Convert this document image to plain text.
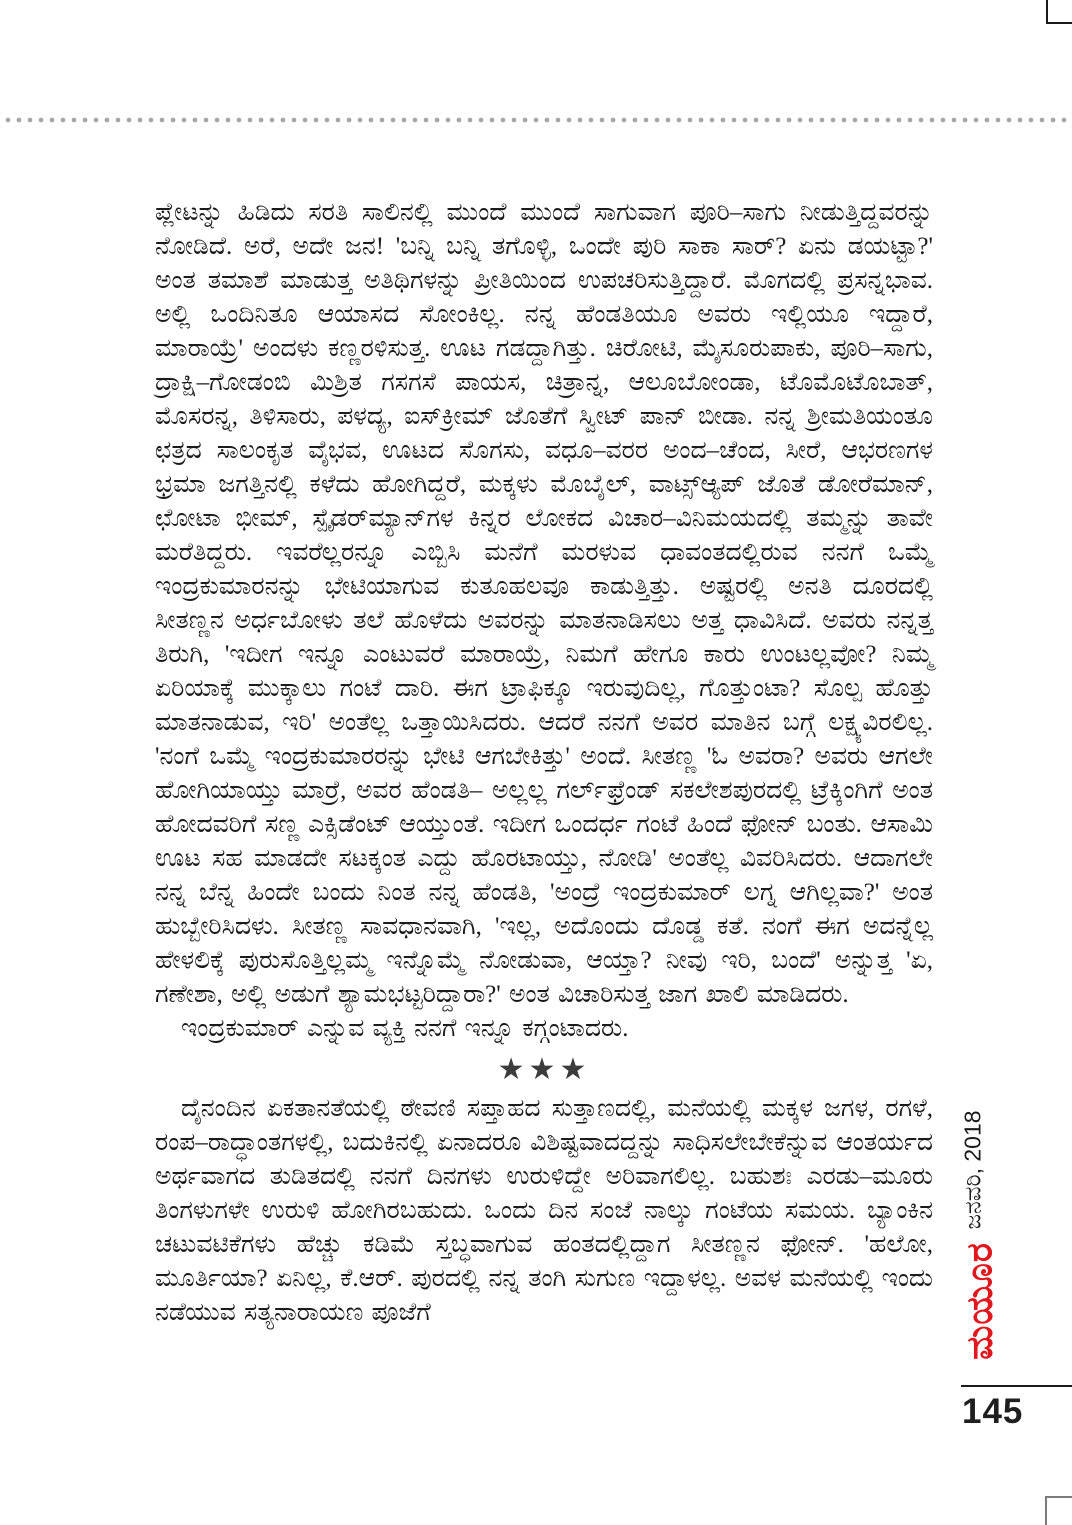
ಪ್ಲೇಟನ್ನು ಹಿಡಿದು ಸರತಿ ಸಾಲಿನಲ್ಲಿ ಮುಂದೆ ಮುಂದೆ ಸಾಗುವಾಗ ಪೂರಿ–ಸಾಗು ನೀಡುತ್ತಿದ್ದವರನ್ನು ನೋಡಿದೆ. ಅರೆ, ಅದೇ ಜನ! 'ಬನ್ನಿ ಬನ್ನಿ ತಗೊಳ್ಳಿ, ಒಂದೇ ಪುರಿ ಸಾಕಾ ಸಾರ್? ಏನು ಡಯಟ್ಟಾ?' ಅಂತ ತಮಾಶೆ ಮಾಡುತ್ತ ಅತಿಥಿಗಳನ್ನು ಪ್ರೀತಿಯಿಂದ ಉಪಚರಿಸುತ್ತಿದ್ದಾರೆ. ಮೊಗದಲ್ಲಿ ಪ್ರಸನ್ನಭಾವ. ಅಲ್ಲಿ ಒಂದಿನಿತೂ ಆಯಾಸದ ಸೋಂಕಿಲ್ಲ. ನನ್ನ ಹೆಂಡತಿಯೂ ಅವರು ಇಲ್ಲಿಯೂ ಇದ್ದಾರೆ, ಮಾರಾಯ್ರೆ' ಅಂದಳು ಕಣ್ಣರಳಿಸುತ್ತ. ಊಟ ಗಡದ್ದಾಗಿತ್ತು. ಚಿರೋಟಿ, ಮೈಸೂರುಪಾಕು, ಪೂರಿ–ಸಾಗು, ದ್ರಾಕ್ಷಿ–ಗೋಡಂಬಿ ಮಿಶ್ರಿತ ಗಸಗಸೆ ಪಾಯಸ, ಚಿತ್ರಾನ್ನ, ಆಲೂಬೋಂಡಾ, ಟೊಮೊಟೊಬಾತ್, ಮೊಸರನ್ನ, ತಿಳಿಸಾರು, ಪಳದ್ಯ, ಐಸ್‌ಕ್ರೀಮ್ ಜೊತೆಗೆ ಸ್ವೀಟ್ ಪಾನ್ ಬೀಡಾ. ನನ್ನ ಶ್ರೀಮತಿಯಂತೂ ಛತ್ರದ ಸಾಲಂಕೃತ ವೈಭವ, ಊಟದ ಸೊಗಸು, ವಧೂ–ವರರ ಅಂದ–ಚೆಂದ, ಸೀರೆ, ಆಭರಣಗಳ ಭ್ರಮಾ ಜಗತ್ತಿನಲ್ಲಿ ಕಳೆದು ಹೋಗಿದ್ದರೆ, ಮಕ್ಕಳು ಮೊಬೈಲ್, ವಾಟ್ಸ್‌ಆ್ಯಪ್ ಜೊತೆ ಡೋರೆಮಾನ್, ಛೋಟಾ ಭೀಮ್, ಸ್ಪೈಡರ್‌ಮ್ಯಾನ್‌ಗಳ ಕಿನ್ನರ ಲೋಕದ ವಿಚಾರ–ವಿನಿಮಯದಲ್ಲಿ ತಮ್ಮನ್ನು ತಾವೇ ಮರೆತಿದ್ದರು. ಇವರೆಲ್ಲರನ್ನೂ ಎಬ್ಬಿಸಿ ಮನೆಗೆ ಮರಳುವ ಧಾವಂತದಲ್ಲಿರುವ ನನಗೆ ಒಮ್ಮೆ ಇಂದ್ರಕುಮಾರನನ್ನು ಭೇಟಿಯಾಗುವ ಕುತೂಹಲವೂ ಕಾಡುತ್ತಿತ್ತು. ಅಷ್ಟರಲ್ಲಿ ಅನತಿ ದೂರದಲ್ಲಿ ಸೀತಣ್ಣನ ಅರ್ಧಬೋಳು ತಲೆ ಹೊಳೆದು ಅವರನ್ನು ಮಾತನಾಡಿಸಲು ಅತ್ತ ಧಾವಿಸಿದೆ. ಅವರು ನನ್ನತ್ತ ತಿರುಗಿ, 'ಇದೀಗ ಇನ್ನೂ ಎಂಟುವರೆ ಮಾರಾಯ್ರೆ, ನಿಮಗೆ ಹೇಗೂ ಕಾರು ಉಂಟಲ್ಲವೋ? ನಿಮ್ಮ ಏರಿಯಾಕ್ಕೆ ಮುಕ್ಕಾಲು ಗಂಟೆ ದಾರಿ. ಈಗ ಟ್ರಾಫಿಕ್ಕೂ ಇರುವುದಿಲ್ಲ, ಗೊತ್ತುಂಟಾ? ಸೊಲ್ಪ ಹೊತ್ತು ಮಾತನಾಡುವ, ಇರಿ' ಅಂತೆಲ್ಲ ಒತ್ತಾಯಿಸಿದರು. ಆದರೆ ನನಗೆ ಅವರ ಮಾತಿನ ಬಗ್ಗೆ ಲಕ್ಷ್ಯವಿರಲಿಲ್ಲ. 'ನಂಗೆ ಒಮ್ಮೆ ಇಂದ್ರಕುಮಾರರನ್ನು ಭೇಟಿ ಆಗಬೇಕಿತ್ತು' ಅಂದೆ. ಸೀತಣ್ಣ 'ಓ ಅವರಾ? ಅವರು ಆಗಲೇ ಹೋಗಿಯಾಯ್ತು ಮಾರ್ರೆ, ಅವರ ಹೆಂಡತಿ– ಅಲ್ಲಲ್ಲ ಗರ್ಲ್‌ಫ್ರೆಂಡ್ ಸಕಲೇಶಪುರದಲ್ಲಿ ಟ್ರೆಕ್ಕಿಂಗಿಗೆ ಅಂತ ಹೋದವರಿಗೆ ಸಣ್ಣ ಎಕ್ಸಿಡೆಂಟ್ ಆಯ್ತುಂತೆ. ಇದೀಗ ಒಂದರ್ಧ ಗಂಟೆ ಹಿಂದೆ ಫೋನ್ ಬಂತು. ಆಸಾಮಿ ಊಟ ಸಹ ಮಾಡದೇ ಸಟಕ್ಕಂತ ಎದ್ದು ಹೊರಟಾಯ್ತು, ನೋಡಿ' ಅಂತೆಲ್ಲ ವಿವರಿಸಿದರು. ಆದಾಗಲೇ ನನ್ನ ಬೆನ್ನ ಹಿಂದೇ ಬಂದು ನಿಂತ ನನ್ನ ಹೆಂಡತಿ, 'ಅಂದ್ರೆ ಇಂದ್ರಕುಮಾರ್ ಲಗ್ನ ಆಗಿಲ್ಲವಾ?' ಅಂತ ಹುಬ್ಬೇರಿಸಿದಳು. ಸೀತಣ್ಣ ಸಾವಧಾನವಾಗಿ, 'ಇಲ್ಲ, ಅದೊಂದು ದೊಡ್ಡ ಕತೆ. ನಂಗೆ ಈಗ ಅದನ್ನೆಲ್ಲ ಹೇಳಲಿಕ್ಕೆ ಪುರುಸೊತ್ತಿಲ್ಲಮ್ಮ ಇನ್ನೊಮ್ಮೆ ನೋಡುವಾ, ಆಯ್ತಾ? ನೀವು ಇರಿ, ಬಂದೆ' ಅನ್ನುತ್ತ 'ಏ, ಗಣೇಶಾ, ಅಲ್ಲಿ ಅಡುಗೆ ಶ್ಯಾಮಭಟ್ಟರಿದ್ದಾರಾ?' ಅಂತ ವಿಚಾರಿಸುತ್ತ ಜಾಗ ಖಾಲಿ ಮಾಡಿದರು.

ಇಂದ್ರಕುಮಾರ್ ಎನ್ನುವ ವ್ಯಕ್ತಿ ನನಗೆ ಇನ್ನೂ ಕಗ್ಗಂಟಾದರು.

★★★

ದೈನಂದಿನ ಏಕತಾನತೆಯಲ್ಲಿ ಠೇವಣಿ ಸಪ್ತಾಹದ ಸುತ್ತಾಣದಲ್ಲಿ, ಮನೆಯಲ್ಲಿ ಮಕ್ಕಳ ಜಗಳ, ರಗಳೆ, ರಂಪ–ರಾದ್ಧಾಂತಗಳಲ್ಲಿ, ಬದುಕಿನಲ್ಲಿ ಏನಾದರೂ ವಿಶಿಷ್ಟವಾದದ್ದನ್ನು ಸಾಧಿಸಲೇಬೇಕೆನ್ನುವ ಆಂತರ್ಯದ ಅರ್ಥವಾಗದ ತುಡಿತದಲ್ಲಿ ನನಗೆ ದಿನಗಳು ಉರುಳಿದ್ದೇ ಅರಿವಾಗಲಿಲ್ಲ. ಬಹುಶಃ ಎರಡು–ಮೂರು ತಿಂಗಳುಗಳೇ ಉರುಳಿ ಹೋಗಿರಬಹುದು. ಒಂದು ದಿನ ಸಂಜೆ ನಾಲ್ಕು ಗಂಟೆಯ ಸಮಯ. ಬ್ಯಾಂಕಿನ ಚಟುವಟಿಕೆಗಳು ಹೆಚ್ಚು ಕಡಿಮೆ ಸ್ತಬ್ಧವಾಗುವ ಹಂತದಲ್ಲಿದ್ದಾಗ ಸೀತಣ್ಣನ ಫೋನ್. 'ಹಲೋ, ಮೂರ್ತಿಯಾ? ಏನಿಲ್ಲ, ಕೆ.ಆರ್. ಪುರದಲ್ಲಿ ನನ್ನ ತಂಗಿ ಸುಗುಣ ಇದ್ದಾಳಲ್ಲ. ಅವಳ ಮನೆಯಲ್ಲಿ ಇಂದು ನಡೆಯುವ ಸತ್ಯನಾರಾಯಣ ಪೂಜೆಗೆ

ಜನವರಿ, 2018
ಮಯೂರ
145
